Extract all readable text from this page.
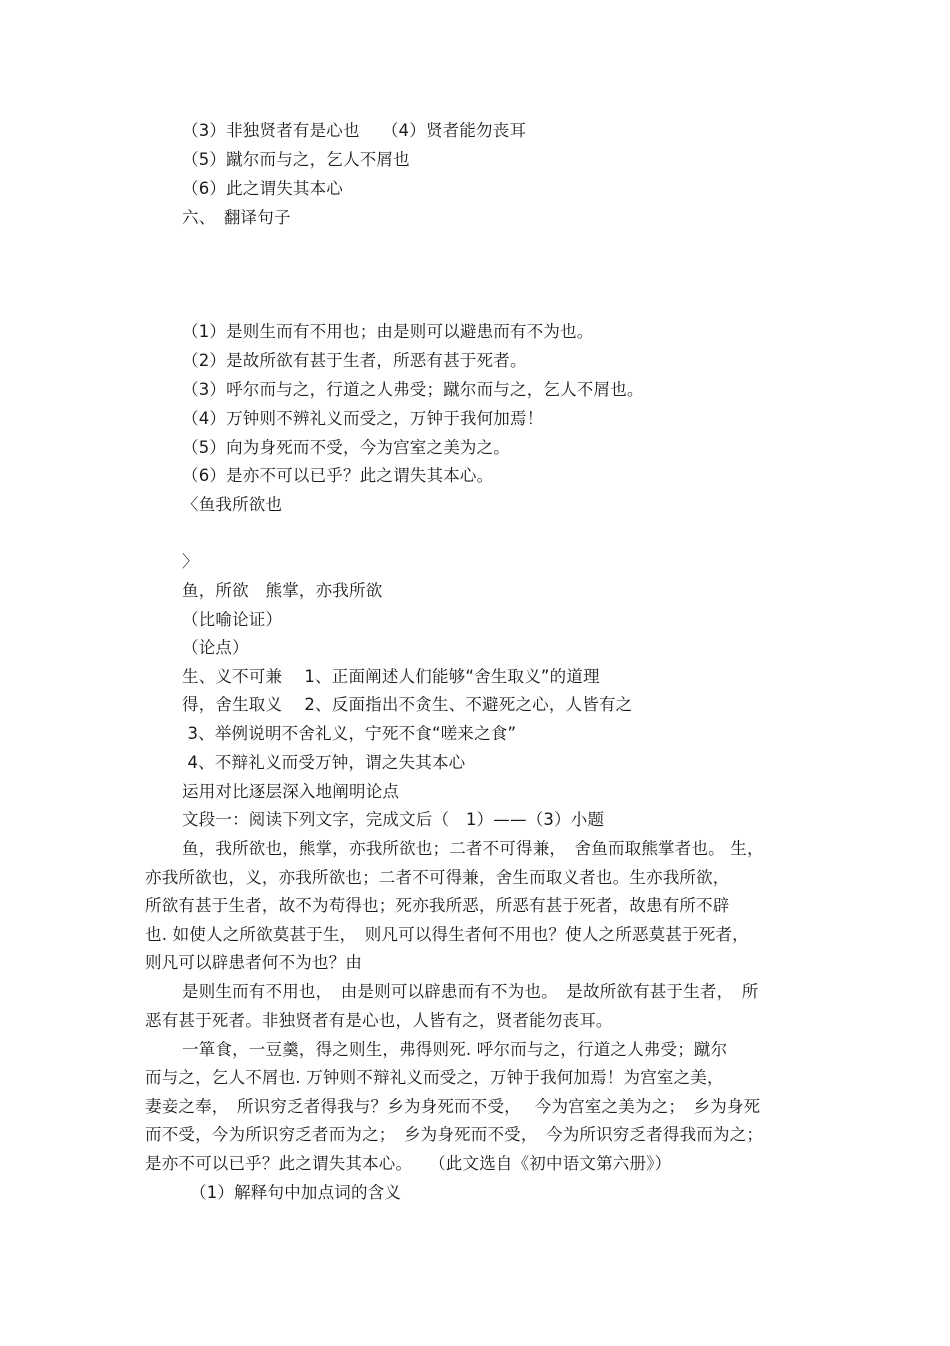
（3）非独贤者有是心也　 （4）贤者能勿丧耳
（5）蹴尔而与之，乞人不屑也
（6）此之谓失其本心
六、　翻译句子
（1）是则生而有不用也；由是则可以避患而有不为也。
（2）是故所欲有甚于生者，所恶有甚于死者。
（3）呼尔而与之，行道之人弗受；蹴尔而与之，乞人不屑也。
（4）万钟则不辨礼义而受之，万钟于我何加焉！
（5）向为身死而不受，今为宫室之美为之。
（6）是亦不可以已乎？此之谓失其本心。
〈鱼我所欲也
〉
鱼，所欲　熊掌，亦我所欲
（比喻论证）
（论点）
生、义不可兼　 1、正面阐述人们能够“舍生取义”的道理
得，舍生取义　 2、反面指出不贪生、不避死之心，人皆有之
3、举例说明不舍礼义，宁死不食“嗟来之食”
4、不辩礼义而受万钟，谓之失其本心
运用对比逐层深入地阐明论点
文段一：阅读下列文字，完成文后（　1）——（3）小题
鱼，我所欲也，熊掌，亦我所欲也；二者不可得兼，　舍鱼而取熊掌者也。 生，
亦我所欲也，义，亦我所欲也；二者不可得兼，舍生而取义者也。生亦我所欲，
所欲有甚于生者，故不为苟得也；死亦我所恶，所恶有甚于死者，故患有所不辟
也. 如使人之所欲莫甚于生，　则凡可以得生者何不用也？使人之所恶莫甚于死者，
则凡可以辟患者何不为也？由
是则生而有不用也，　由是则可以辟患而有不为也。　是故所欲有甚于生者，　所
恶有甚于死者。非独贤者有是心也，人皆有之，贤者能勿丧耳。
一箪食，一豆羹，得之则生，弗得则死. 呼尔而与之，行道之人弗受；蹴尔
而与之，乞人不屑也. 万钟则不辩礼义而受之，万钟于我何加焉！为宫室之美，
妻妾之奉，　所识穷乏者得我与？乡为身死而不受，　 今为宫室之美为之；　乡为身死
而不受，今为所识穷乏者而为之；　乡为身死而不受，　今为所识穷乏者得我而为之；
是亦不可以已乎？此之谓失其本心。　　（此文选自《初中语文第六册》）
（1）解释句中加点词的含义
